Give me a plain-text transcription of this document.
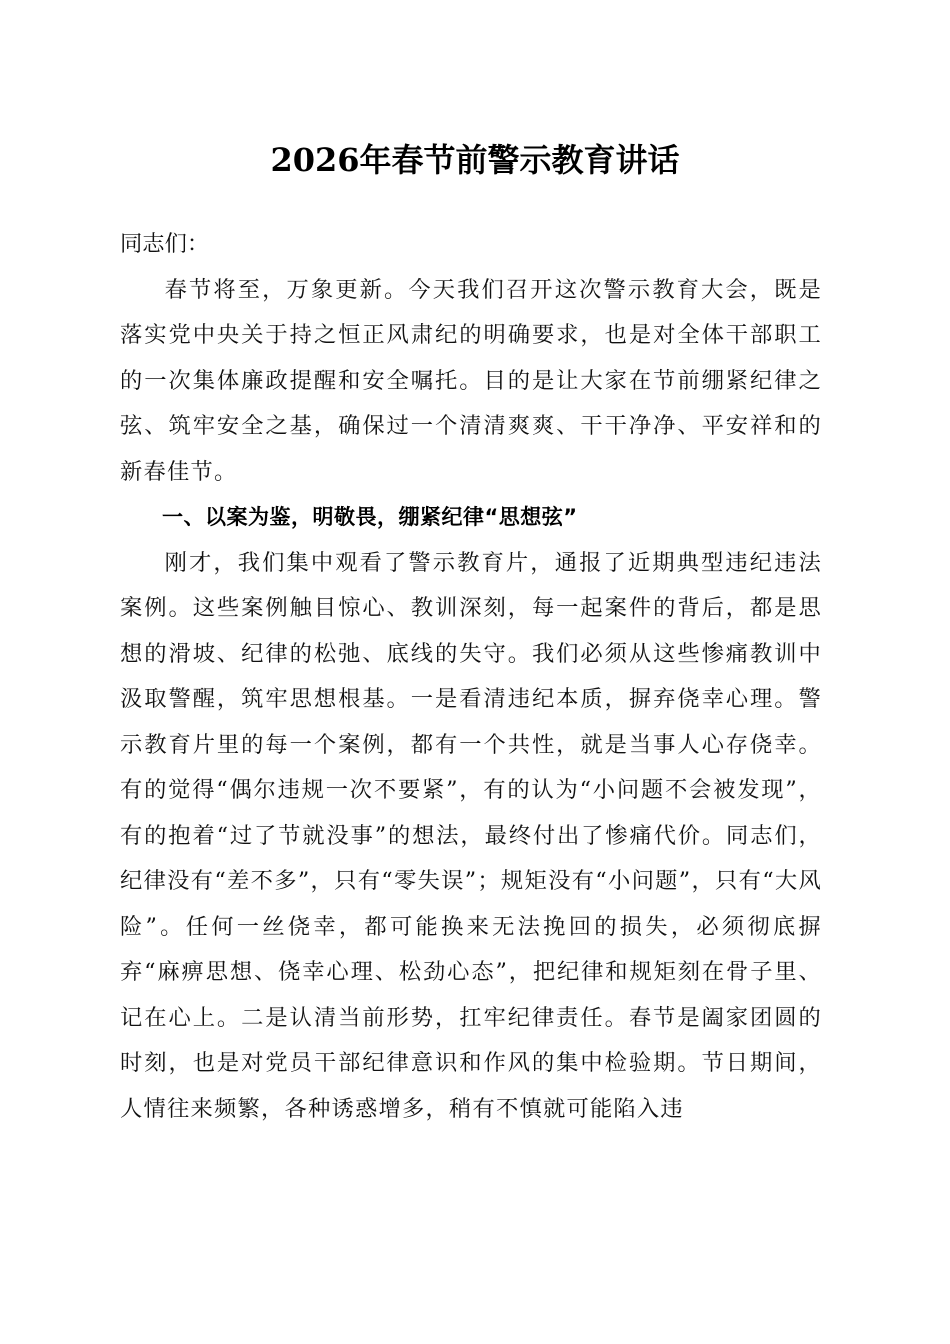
2026年春节前警示教育讲话

同志们：

春节将至，万象更新。今天我们召开这次警示教育大会，既是落实党中央关于持之恒正风肃纪的明确要求，也是对全体干部职工的一次集体廉政提醒和安全嘱托。目的是让大家在节前绷紧纪律之弦、筑牢安全之基，确保过一个清清爽爽、干干净净、平安祥和的新春佳节。

一、以案为鉴，明敬畏，绷紧纪律“思想弦”

刚才，我们集中观看了警示教育片，通报了近期典型违纪违法案例。这些案例触目惊心、教训深刻，每一起案件的背后，都是思想的滑坡、纪律的松弛、底线的失守。我们必须从这些惨痛教训中汲取警醒，筑牢思想根基。一是看清违纪本质，摒弃侥幸心理。警示教育片里的每一个案例，都有一个共性，就是当事人心存侥幸。有的觉得“偶尔违规一次不要紧”，有的认为“小问题不会被发现”，有的抱着“过了节就没事”的想法，最终付出了惨痛代价。同志们，纪律没有“差不多”，只有“零失误”；规矩没有“小问题”，只有“大风险”。任何一丝侥幸，都可能换来无法挽回的损失，必须彻底摒弃“麻痹思想、侥幸心理、松劲心态”，把纪律和规矩刻在骨子里、记在心上。二是认清当前形势，扛牢纪律责任。春节是阖家团圆的时刻，也是对党员干部纪律意识和作风的集中检验期。节日期间，人情往来频繁，各种诱惑增多，稍有不慎就可能陷入违
